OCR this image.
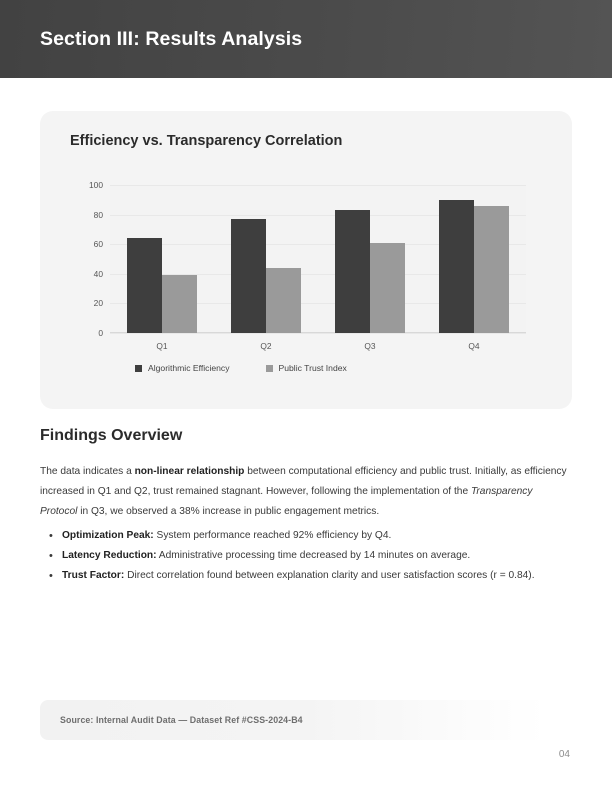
Section III: Results Analysis
Efficiency vs. Transparency Correlation
100
80
60
40
20
0
Q1	Q2	Q3	Q4
Algorithmic Efficiency	Public Trust Index
Findings Overview

The data indicates a non-linear relationship between computational efficiency and public trust. Initially, as efficiency increased in Q1 and Q2, trust remained stagnant. However, following the implementation of the Transparency Protocol in Q3, we observed a 38% increase in public engagement metrics.

• Optimization Peak: System performance reached 92% efficiency by Q4.
• Latency Reduction: Administrative processing time decreased by 14 minutes on average.
• Trust Factor: Direct correlation found between explanation clarity and user satisfaction scores (r = 0.84).
Source: Internal Audit Data — Dataset Ref #CSS-2024-B4
04
